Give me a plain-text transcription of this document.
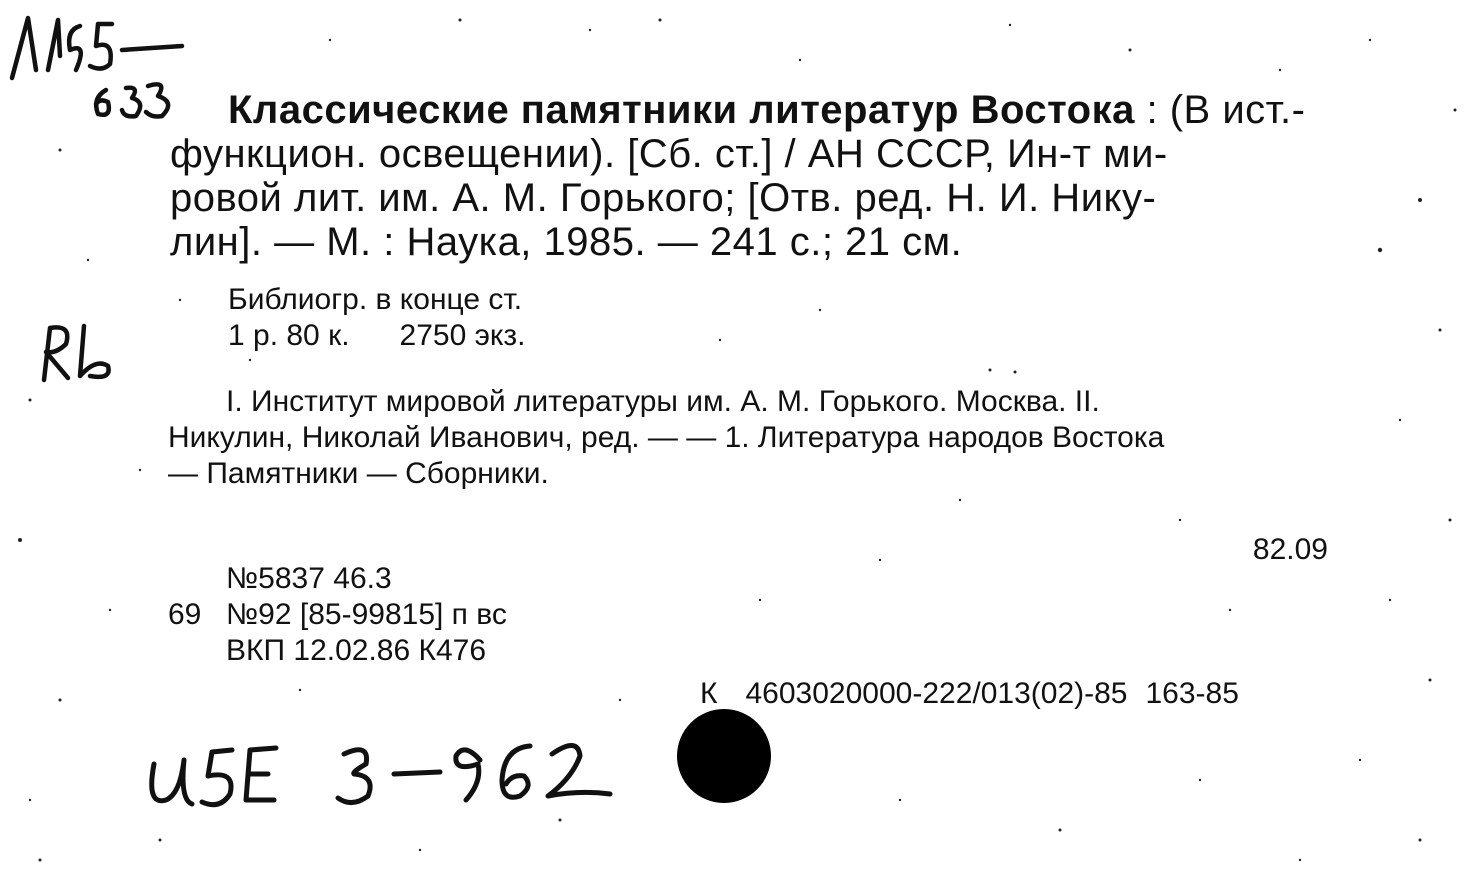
Классические памятники литератур Востока : (В ист.-
функцион. освещении). [Сб. ст.] / АН СССР, Ин-т ми-
ровой лит. им. А. М. Горького; [Отв. ред. Н. И. Нику-
лин]. — М. : Наука, 1985. — 241 с.; 21 см.
Библиогр. в конце ст.
1 р. 80 к. 2750 экз.
I. Институт мировой литературы им. А. М. Горького. Москва. II.
Никулин, Николай Иванович, ред. — — 1. Литература народов Востока
— Памятники — Сборники.
82.09
№5837 46.3
69 №92 [85-99815] п вс
ВКП 12.02.86 К476
К 4603020000-222/013(02)-85 163-85
